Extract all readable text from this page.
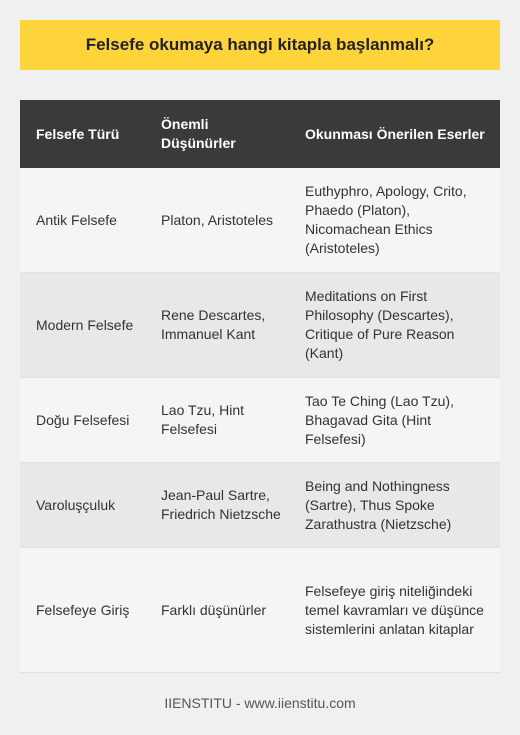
Felsefe okumaya hangi kitapla başlanmalı?
Felsefe Türü
Önemli Düşünürler
Okunması Önerilen Eserler
Antik Felsefe	Platon, Aristoteles
Euthyphro, Apology, Crito, Phaedo (Platon), Nicomachean Ethics (Aristoteles)
Modern Felsefe
Rene Descartes, Immanuel Kant
Meditations on First Philosophy (Descartes), Critique of Pure Reason (Kant)
Doğu Felsefesi
Lao Tzu, Hint Felsefesi
Tao Te Ching (Lao Tzu), Bhagavad Gita (Hint Felsefesi)
Varoluşçuluk
Jean-Paul Sartre, Friedrich Nietzsche
Being and Nothingness (Sartre), Thus Spoke Zarathustra (Nietzsche)
Felsefeye Giriş	Farklı düşünürler
Felsefeye giriş niteliğindeki temel kavramları ve düşünce sistemlerini anlatan kitaplar
IIENSTITU - www.iienstitu.com
